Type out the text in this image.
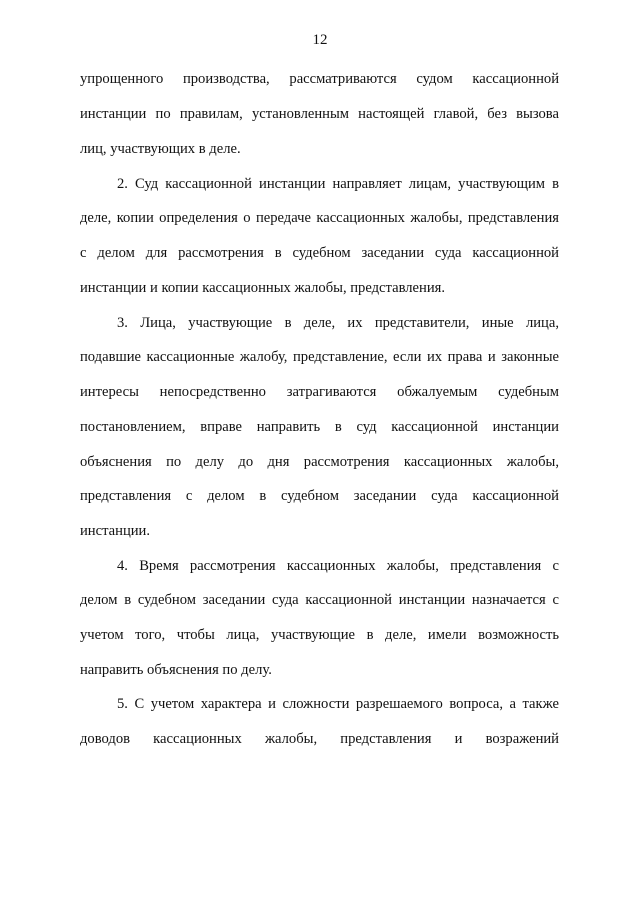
12
упрощенного производства, рассматриваются судом кассационной
инстанции по правилам, установленным настоящей главой, без вызова
лиц, участвующих в деле.
2. Суд кассационной инстанции направляет лицам, участвующим в
деле, копии определения о передаче кассационных жалобы, представления
с делом для рассмотрения в судебном заседании суда кассационной
инстанции и копии кассационных жалобы, представления.
3. Лица, участвующие в деле, их представители, иные лица,
подавшие кассационные жалобу, представление, если их права и законные
интересы непосредственно затрагиваются обжалуемым судебным
постановлением, вправе направить в суд кассационной инстанции
объяснения по делу до дня рассмотрения кассационных жалобы,
представления с делом в судебном заседании суда кассационной
инстанции.
4. Время рассмотрения кассационных жалобы, представления с
делом в судебном заседании суда кассационной инстанции назначается с
учетом того, чтобы лица, участвующие в деле, имели возможность
направить объяснения по делу.
5. С учетом характера и сложности разрешаемого вопроса, а также
доводов кассационных жалобы, представления и возражений
